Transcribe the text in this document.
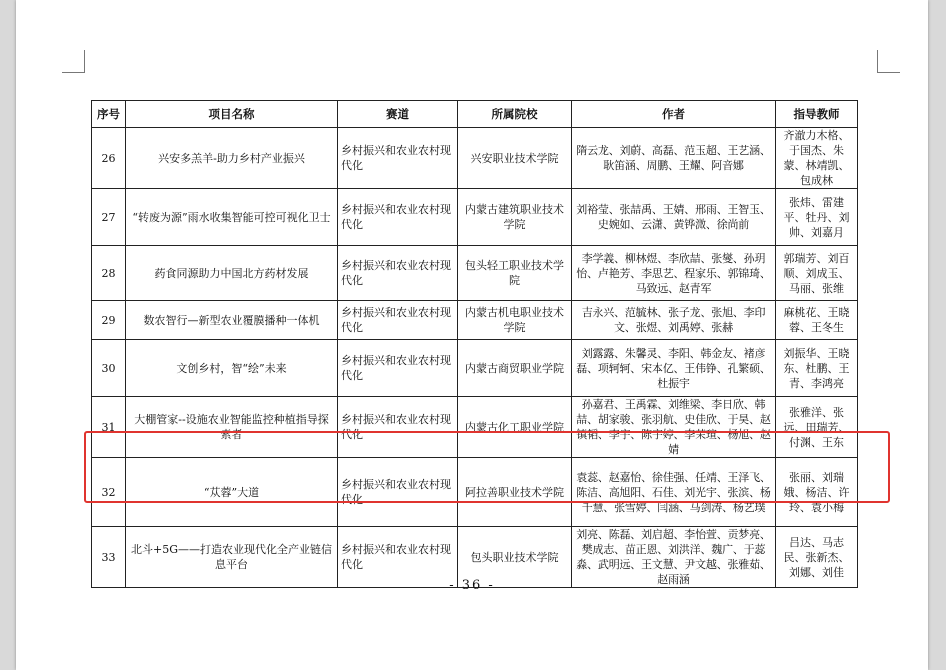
序号	项目名称	赛道	所属院校	作者	指导教师
26	兴安多羔羊-助力乡村产业振兴	乡村振兴和农业农村现代化	兴安职业技术学院	隋云龙、刘蔚、高磊、范玉超、王艺涵、耿笛涵、周鹏、王耀、阿音娜	齐澈力木格、于国杰、朱蒙、林靖凯、包成林
27	“转废为源”雨水收集智能可控可视化卫士	乡村振兴和农业农村现代化	内蒙古建筑职业技术学院	刘裕莹、张喆禹、王婧、邢雨、王智玉、史婉如、云潇、黄铧溦、徐尚前	张炜、雷建平、牡丹、刘帅、刘嘉月
28	药食同源助力中国北方药材发展	乡村振兴和农业农村现代化	包头轻工职业技术学院	李学義、柳林煜、李欣喆、张燮、孙玥怡、卢艳芳、李思艺、程家乐、郭锦琦、马致远、赵青军	郭瑞芳、刘百顺、刘成玉、马丽、张维
29	数农智行—新型农业覆膜播种一体机	乡村振兴和农业农村现代化	内蒙古机电职业技术学院	吉永兴、范毓林、张子龙、张旭、李印文、张煜、刘禹婷、张赫	麻桃花、王晓蓉、王冬生
30	文创乡村，智“绘”未来	乡村振兴和农业农村现代化	内蒙古商贸职业学院	刘露露、朱馨灵、李阳、韩金友、褚彦磊、项轲轲、宋本亿、王伟铮、孔繁硕、杜振宇	刘振华、王晓东、杜鹏、王青、李鸿亮
31	大棚管家--设施农业智能监控种植指导探索者	乡村振兴和农业农村现代化	内蒙古化工职业学院	孙嘉君、王禹霖、刘维梁、李日欣、韩喆、胡家骏、张羽航、史佳欣、于昊、赵镇韬、李宇、陈宇婷、李茉瑄、杨旭、赵婧	张雅洋、张远、田瑞芳、付渊、王东
32	“苁蓉”大道	乡村振兴和农业农村现代化	阿拉善职业技术学院	袁蕊、赵嘉怡、徐佳强、任靖、王泽飞、陈洁、高旭阳、石佳、刘光宇、张滨、杨千慧、张雪婷、闫涵、马剑涛、杨艺璞	张丽、刘瑞娥、杨洁、许玲、袁小梅
33	北斗+5G——打造农业现代化全产业链信息平台	乡村振兴和农业农村现代化	包头职业技术学院	刘亮、陈磊、刘启超、李怡萱、贡梦亮、樊成志、苗正恩、刘洪洋、魏广、于蕊淼、武明远、王文慧、尹文越、张雅茹、赵雨涵	吕达、马志民、张新杰、刘娜、刘佳
- 36 -
